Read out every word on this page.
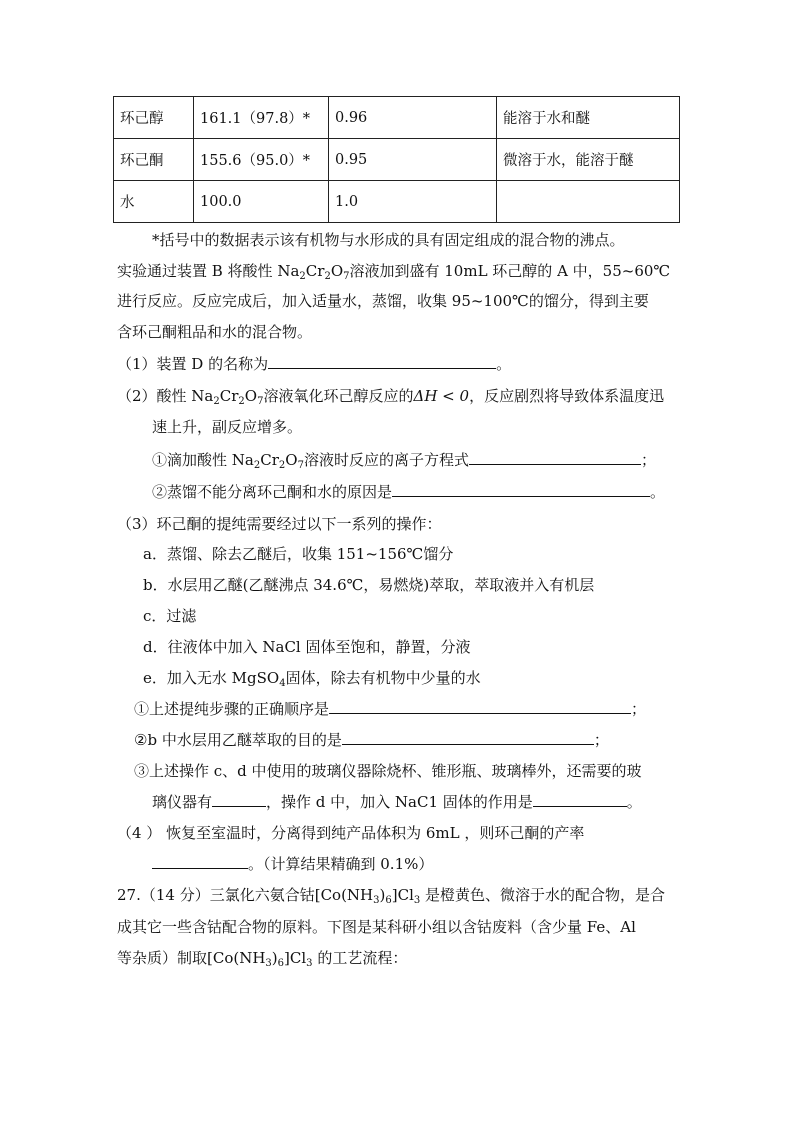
环己醇	161.1（97.8）*	0.96	能溶于水和醚
环己酮	155.6（95.0）*	0.95	微溶于水，能溶于醚
水	100.0	1.0	
*括号中的数据表示该有机物与水形成的具有固定组成的混合物的沸点。
实验通过装置 B 将酸性 $Na_2Cr_2O_7$溶液加到盛有 10mL 环己醇的 A 中，55~60℃
进行反应。反应完成后，加入适量水，蒸馏，收集 95~100℃的馏分，得到主要
含环己酮粗品和水的混合物。
（1）装置 D 的名称为	。
（2）酸性 $Na_2Cr_2O_7$溶液氧化环己醇反应的ΔH < 0，反应剧烈将导致体系温度迅
速上升，副反应增多。
①滴加酸性 $Na_2Cr_2O_7$溶液时反应的离子方程式	；
②蒸馏不能分离环己酮和水的原因是	。
（3）环己酮的提纯需要经过以下一系列的操作：
a．蒸馏、除去乙醚后，收集 151~156℃馏分
b．水层用乙醚(乙醚沸点 34.6℃，易燃烧)萃取，萃取液并入有机层
c．过滤
d．往液体中加入 NaCl 固体至饱和，静置，分液
e．加入无水 MgSO$_4$固体，除去有机物中少量的水
①上述提纯步骤的正确顺序是	；
②b 中水层用乙醚萃取的目的是	；
③上述操作 c、d 中使用的玻璃仪器除烧杯、锥形瓶、玻璃棒外，还需要的玻
璃仪器有	，操作 d 中，加入 NaC1 固体的作用是	。
（4 ） 恢复至室温时，分离得到纯产品体积为 6mL ，则环己酮的产率
。（计算结果精确到 0.1%）
27.（14 分）三氯化六氨合钴$[Co(NH_3)_6]Cl_3$ 是橙黄色、微溶于水的配合物，是合
成其它一些含钴配合物的原料。下图是某科研小组以含钴废料（含少量 Fe、Al
等杂质）制取$[Co(NH_3)_6]Cl_3$ 的工艺流程：
